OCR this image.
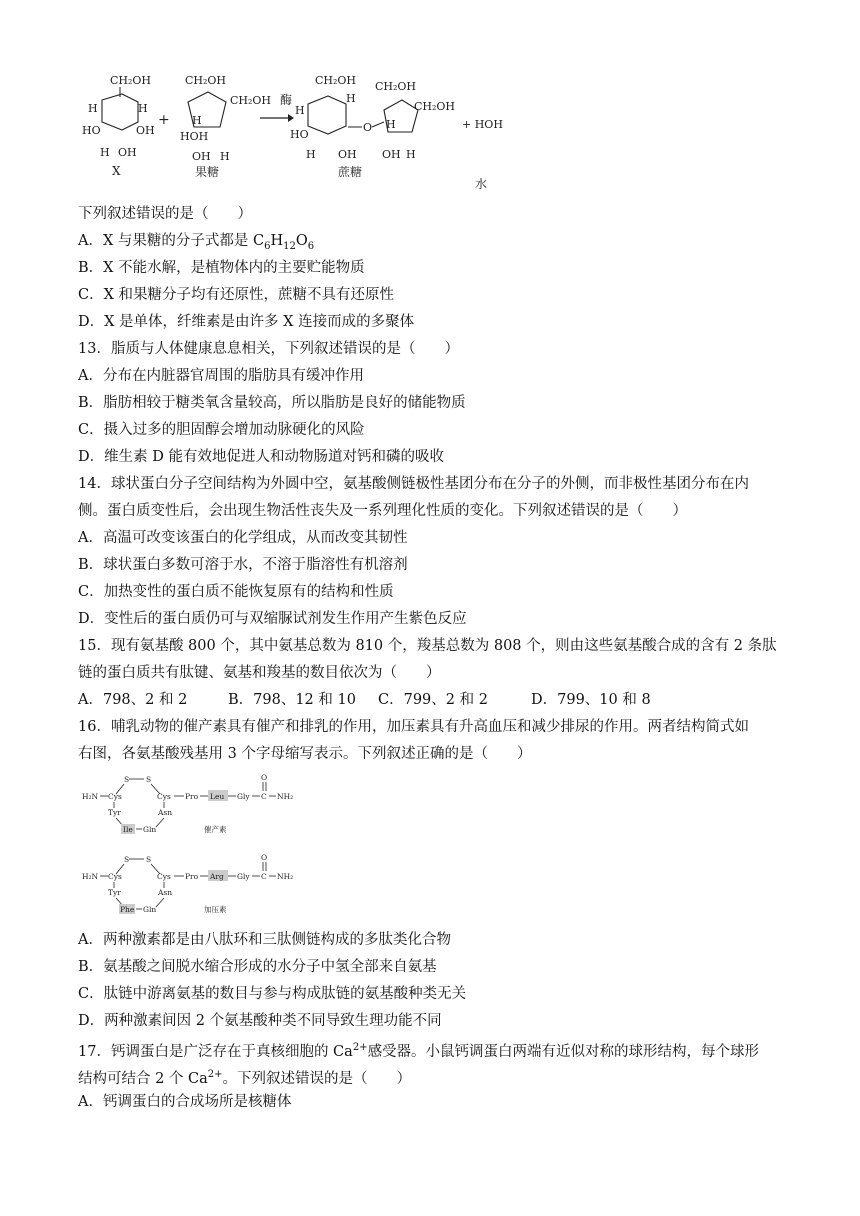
CH₂OH
H	H
HO	OH
H OH
X
+
CH₂OH
CH₂OH
H
HOH
OH H
果糖
酶
CH₂OH
H
H
HO
H OH
O
CH₂OH
CH₂OH
H
OH H
蔗糖
+ HOH
水
下列叙述错误的是（　　）
A．X 与果糖的分子式都是 $C_6H_{12}O_6$
B．X 不能水解，是植物体内的主要贮能物质
C．X 和果糖分子均有还原性，蔗糖不具有还原性
D．X 是单体，纤维素是由许多 X 连接而成的多聚体
13．脂质与人体健康息息相关，下列叙述错误的是（　　）
A．分布在内脏器官周围的脂肪具有缓冲作用
B．脂肪相较于糖类氧含量较高，所以脂肪是良好的储能物质
C．摄入过多的胆固醇会增加动脉硬化的风险
D．维生素 D 能有效地促进人和动物肠道对钙和磷的吸收
14．球状蛋白分子空间结构为外圆中空，氨基酸侧链极性基团分布在分子的外侧，而非极性基团分布在内
侧。蛋白质变性后，会出现生物活性丧失及一系列理化性质的变化。下列叙述错误的是（　　）
A．高温可改变该蛋白的化学组成，从而改变其韧性
B．球状蛋白多数可溶于水，不溶于脂溶性有机溶剂
C．加热变性的蛋白质不能恢复原有的结构和性质
D．变性后的蛋白质仍可与双缩脲试剂发生作用产生紫色反应
15．现有氨基酸 800 个，其中氨基总数为 810 个，羧基总数为 808 个，则由这些氨基酸合成的含有 2 条肽
链的蛋白质共有肽键、氨基和羧基的数目依次为（　　）
A．798、2 和 2	B．798、12 和 10 C．799、2 和 2	D．799、10 和 8
16．哺乳动物的催产素具有催产和排乳的作用，加压素具有升高血压和减少排尿的作用。两者结构简式如
右图，各氨基酸残基用 3 个字母缩写表示。下列叙述正确的是（　　）
S S
H₂N Cys	Cys Pro Leu Gly C
O
NH₂
Tyr	Asn
Ile Gln	催产素
S S
H₂N Cys	Cys Pro Arg Gly C
O
NH₂
Tyr	Asn
Phe Gln	加压素
A．两种激素都是由八肽环和三肽侧链构成的多肽类化合物
B．氨基酸之间脱水缩合形成的水分子中氢全部来自氨基
C．肽链中游离氨基的数目与参与构成肽链的氨基酸种类无关
D．两种激素间因 2 个氨基酸种类不同导致生理功能不同
17．钙调蛋白是广泛存在于真核细胞的 $Ca^{2+}$感受器。小鼠钙调蛋白两端有近似对称的球形结构，每个球形
结构可结合 2 个 $Ca^{2+}$。下列叙述错误的是（　　）
A．钙调蛋白的合成场所是核糖体
